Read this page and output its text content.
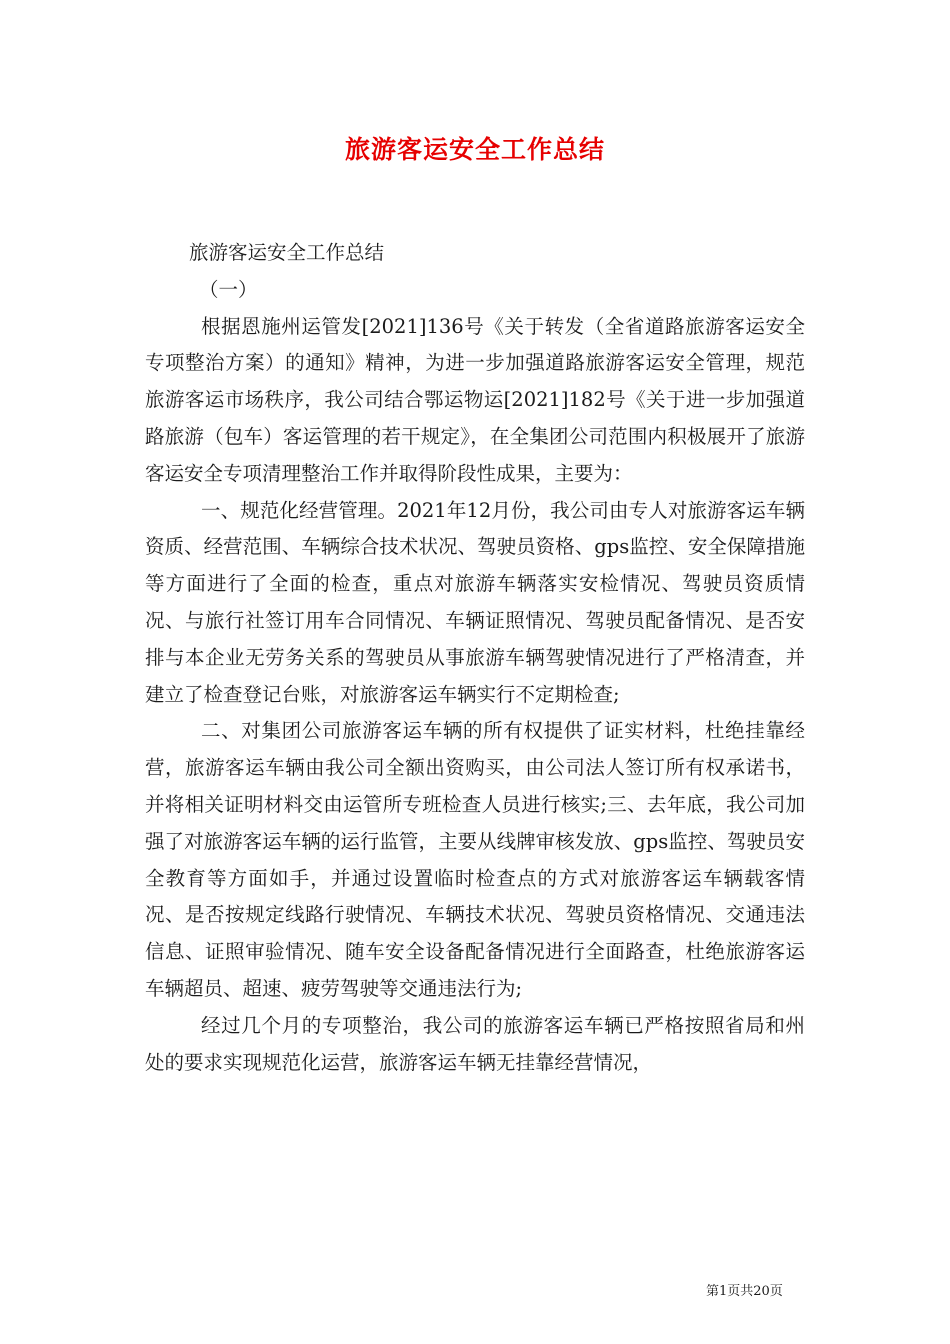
旅游客运安全工作总结

旅游客运安全工作总结

（一）

根据恩施州运管发[2021]136号《关于转发（全省道路旅游客运安全专项整治方案）的通知》精神，为进一步加强道路旅游客运安全管理，规范旅游客运市场秩序，我公司结合鄂运物运[2021]182号《关于进一步加强道路旅游（包车）客运管理的若干规定》，在全集团公司范围内积极展开了旅游客运安全专项清理整治工作并取得阶段性成果，主要为：

一、规范化经营管理。2021年12月份，我公司由专人对旅游客运车辆资质、经营范围、车辆综合技术状况、驾驶员资格、gps监控、安全保障措施等方面进行了全面的检查，重点对旅游车辆落实安检情况、驾驶员资质情况、与旅行社签订用车合同情况、车辆证照情况、驾驶员配备情况、是否安排与本企业无劳务关系的驾驶员从事旅游车辆驾驶情况进行了严格清查，并建立了检查登记台账，对旅游客运车辆实行不定期检查;

二、对集团公司旅游客运车辆的所有权提供了证实材料，杜绝挂靠经营，旅游客运车辆由我公司全额出资购买，由公司法人签订所有权承诺书，并将相关证明材料交由运管所专班检查人员进行核实;三、去年底，我公司加强了对旅游客运车辆的运行监管，主要从线牌审核发放、gps监控、驾驶员安全教育等方面如手，并通过设置临时检查点的方式对旅游客运车辆载客情况、是否按规定线路行驶情况、车辆技术状况、驾驶员资格情况、交通违法信息、证照审验情况、随车安全设备配备情况进行全面路查，杜绝旅游客运车辆超员、超速、疲劳驾驶等交通违法行为;

经过几个月的专项整治，我公司的旅游客运车辆已严格按照省局和州处的要求实现规范化运营，旅游客运车辆无挂靠经营情况，

第1页共20页
